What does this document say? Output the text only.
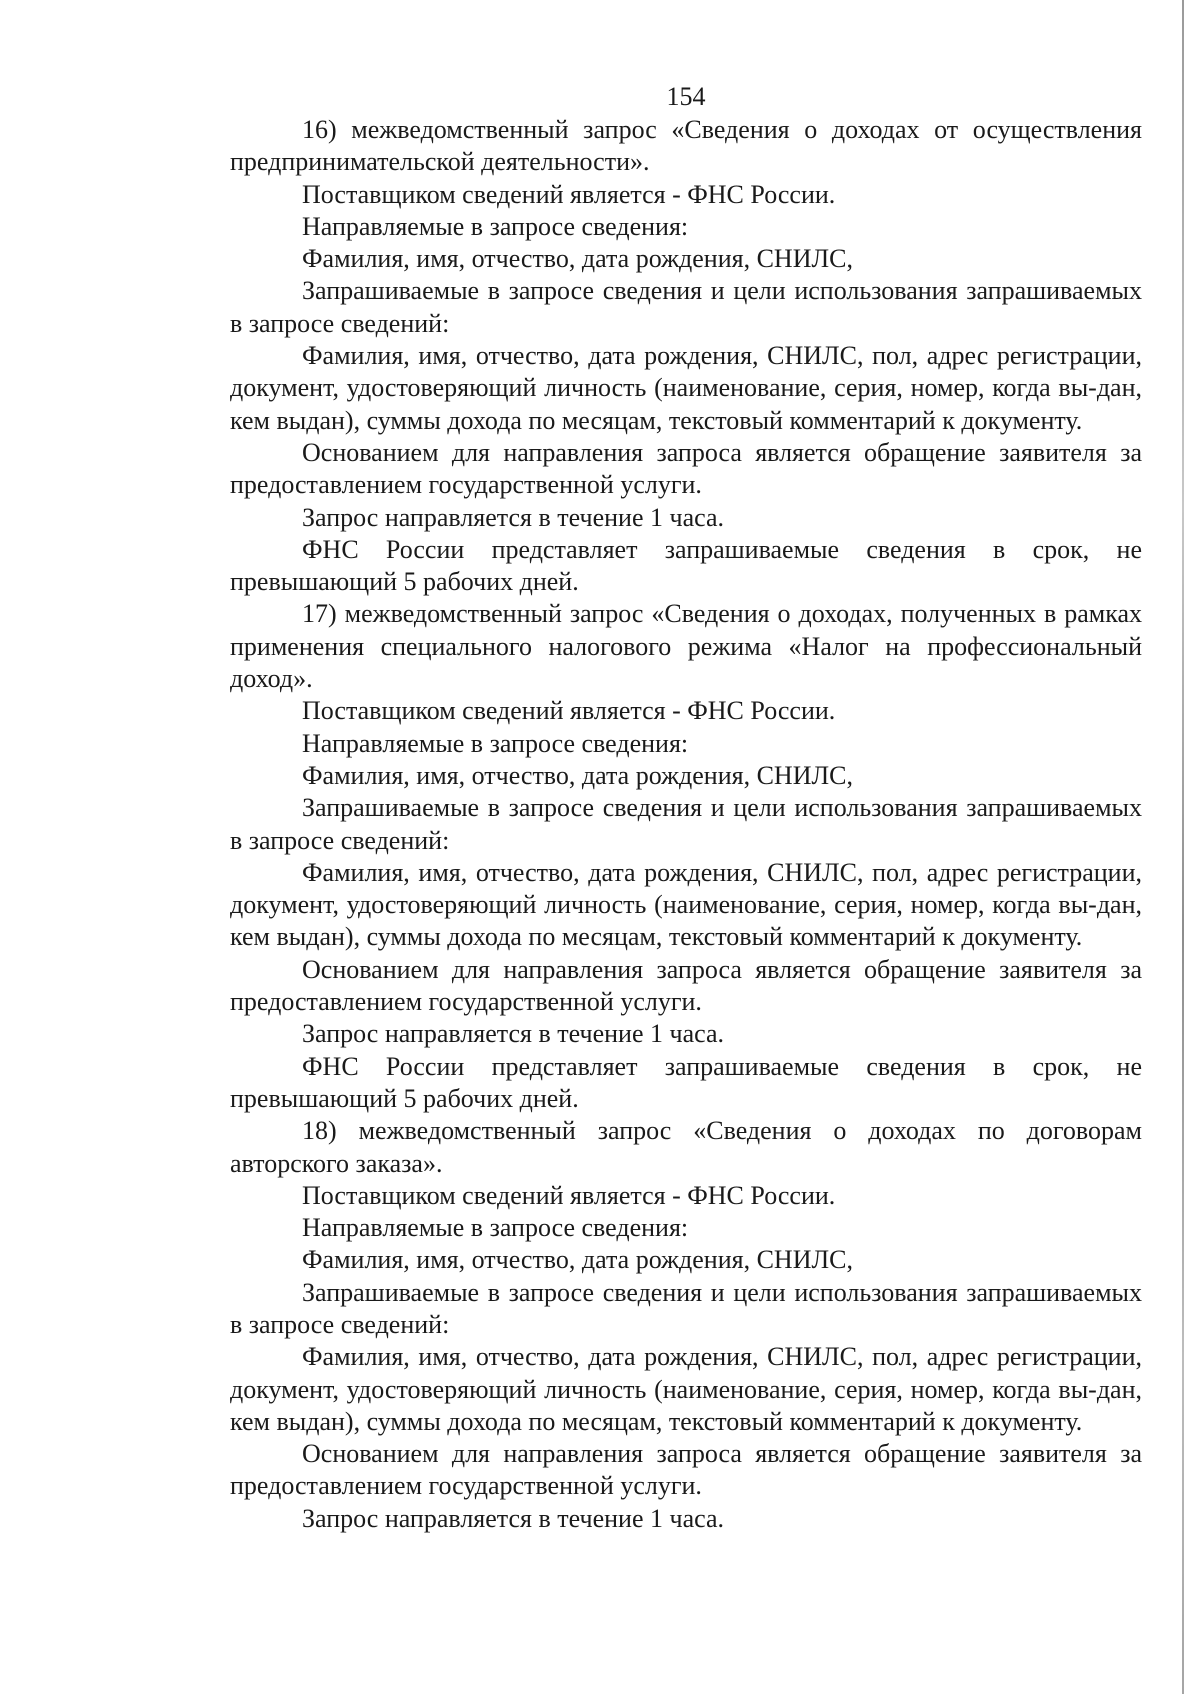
154

16) межведомственный запрос «Сведения о доходах от осуществления предпринимательской деятельности».

Поставщиком сведений является - ФНС России.

Направляемые в запросе сведения:

Фамилия, имя, отчество, дата рождения, СНИЛС,

Запрашиваемые в запросе сведения и цели использования запрашиваемых в запросе сведений:

Фамилия, имя, отчество, дата рождения, СНИЛС, пол, адрес регистрации, документ, удостоверяющий личность (наименование, серия, номер, когда вы-дан, кем выдан), суммы дохода по месяцам, текстовый комментарий к документу.

Основанием для направления запроса является обращение заявителя за предоставлением государственной услуги.

Запрос направляется в течение 1 часа.

ФНС России представляет запрашиваемые сведения в срок, не превышающий 5 рабочих дней.

17) межведомственный запрос «Сведения о доходах, полученных в рамках применения специального налогового режима «Налог на профессиональный доход».

Поставщиком сведений является - ФНС России.

Направляемые в запросе сведения:

Фамилия, имя, отчество, дата рождения, СНИЛС,

Запрашиваемые в запросе сведения и цели использования запрашиваемых в запросе сведений:

Фамилия, имя, отчество, дата рождения, СНИЛС, пол, адрес регистрации, документ, удостоверяющий личность (наименование, серия, номер, когда вы-дан, кем выдан), суммы дохода по месяцам, текстовый комментарий к документу.

Основанием для направления запроса является обращение заявителя за предоставлением государственной услуги.

Запрос направляется в течение 1 часа.

ФНС России представляет запрашиваемые сведения в срок, не превышающий 5 рабочих дней.

18) межведомственный запрос «Сведения о доходах по договорам авторского заказа».

Поставщиком сведений является - ФНС России.

Направляемые в запросе сведения:

Фамилия, имя, отчество, дата рождения, СНИЛС,

Запрашиваемые в запросе сведения и цели использования запрашиваемых в запросе сведений:

Фамилия, имя, отчество, дата рождения, СНИЛС, пол, адрес регистрации, документ, удостоверяющий личность (наименование, серия, номер, когда вы-дан, кем выдан), суммы дохода по месяцам, текстовый комментарий к документу.

Основанием для направления запроса является обращение заявителя за предоставлением государственной услуги.

Запрос направляется в течение 1 часа.
